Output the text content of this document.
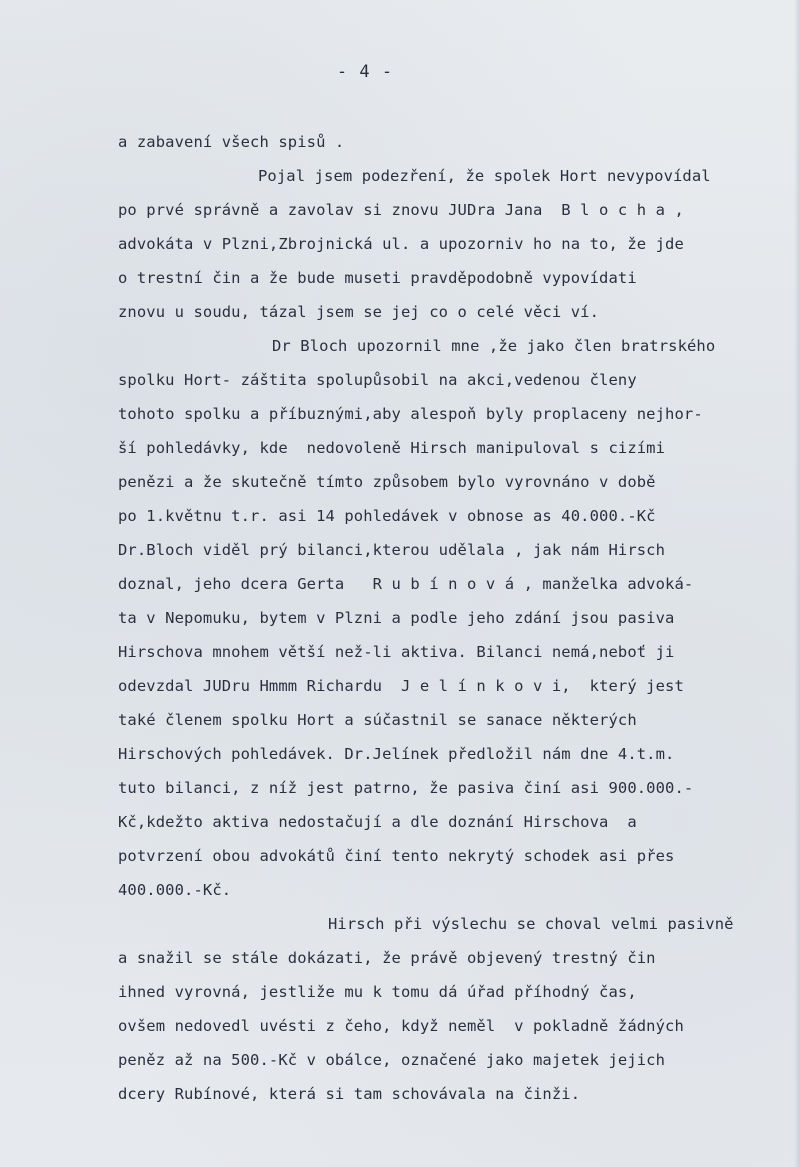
- 4 -
a zabavení všech spisů .
Pojal jsem podezření, že spolek Hort nevypovídal
po prvé správně a zavolav si znovu JUDra Jana  B l o c h a ,
advokáta v Plzni,Zbrojnická ul. a upozorniv ho na to, že jde
o trestní čin a že bude museti pravděpodobně vypovídati
znovu u soudu, tázal jsem se jej co o celé věci ví.
Dr Bloch upozornil mne ,že jako člen bratrského
spolku Hort- záštita spolupůsobil na akci,vedenou členy
tohoto spolku a příbuznými,aby alespoň byly proplaceny nejhor-
ší pohledávky, kde  nedovoleně Hirsch manipuloval s cizími
penězi a že skutečně tímto způsobem bylo vyrovnáno v době
po 1.květnu t.r. asi 14 pohledávek v obnose as 40.000.-Kč
Dr.Bloch viděl prý bilanci,kterou udělala , jak nám Hirsch
doznal, jeho dcera Gerta   R u b í n o v á , manželka advoká-
ta v Nepomuku, bytem v Plzni a podle jeho zdání jsou pasiva
Hirschova mnohem větší než-li aktiva. Bilanci nemá,neboť ji
odevzdal JUDru Hmmm Richardu  J e l í n k o v i,  který jest
také členem spolku Hort a súčastnil se sanace některých
Hirschových pohledávek. Dr.Jelínek předložil nám dne 4.t.m.
tuto bilanci, z níž jest patrno, že pasiva činí asi 900.000.-
Kč,kdežto aktiva nedostačují a dle doznání Hirschova  a
potvrzení obou advokátů činí tento nekrytý schodek asi přes
400.000.-Kč.
Hirsch při výslechu se choval velmi pasivně
a snažil se stále dokázati, že právě objevený trestný čin
ihned vyrovná, jestliže mu k tomu dá úřad příhodný čas,
ovšem nedovedl uvésti z čeho, když neměl  v pokladně žádných
peněz až na 500.-Kč v obálce, označené jako majetek jejich
dcery Rubínové, která si tam schovávala na činži.
